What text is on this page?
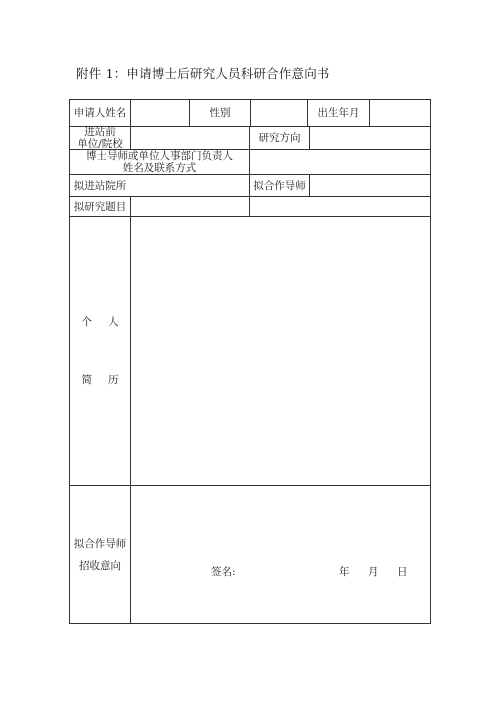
附件 1：申请博士后研究人员科研合作意向书
申请人姓名	性别	出生年月
进站前
单位/院校	研究方向
博士导师或单位人事部门负责人
姓名及联系方式
拟进站院所	拟合作导师
拟研究题目
个 人
简 历
拟合作导师
招收意向
签名:	年 月 日
